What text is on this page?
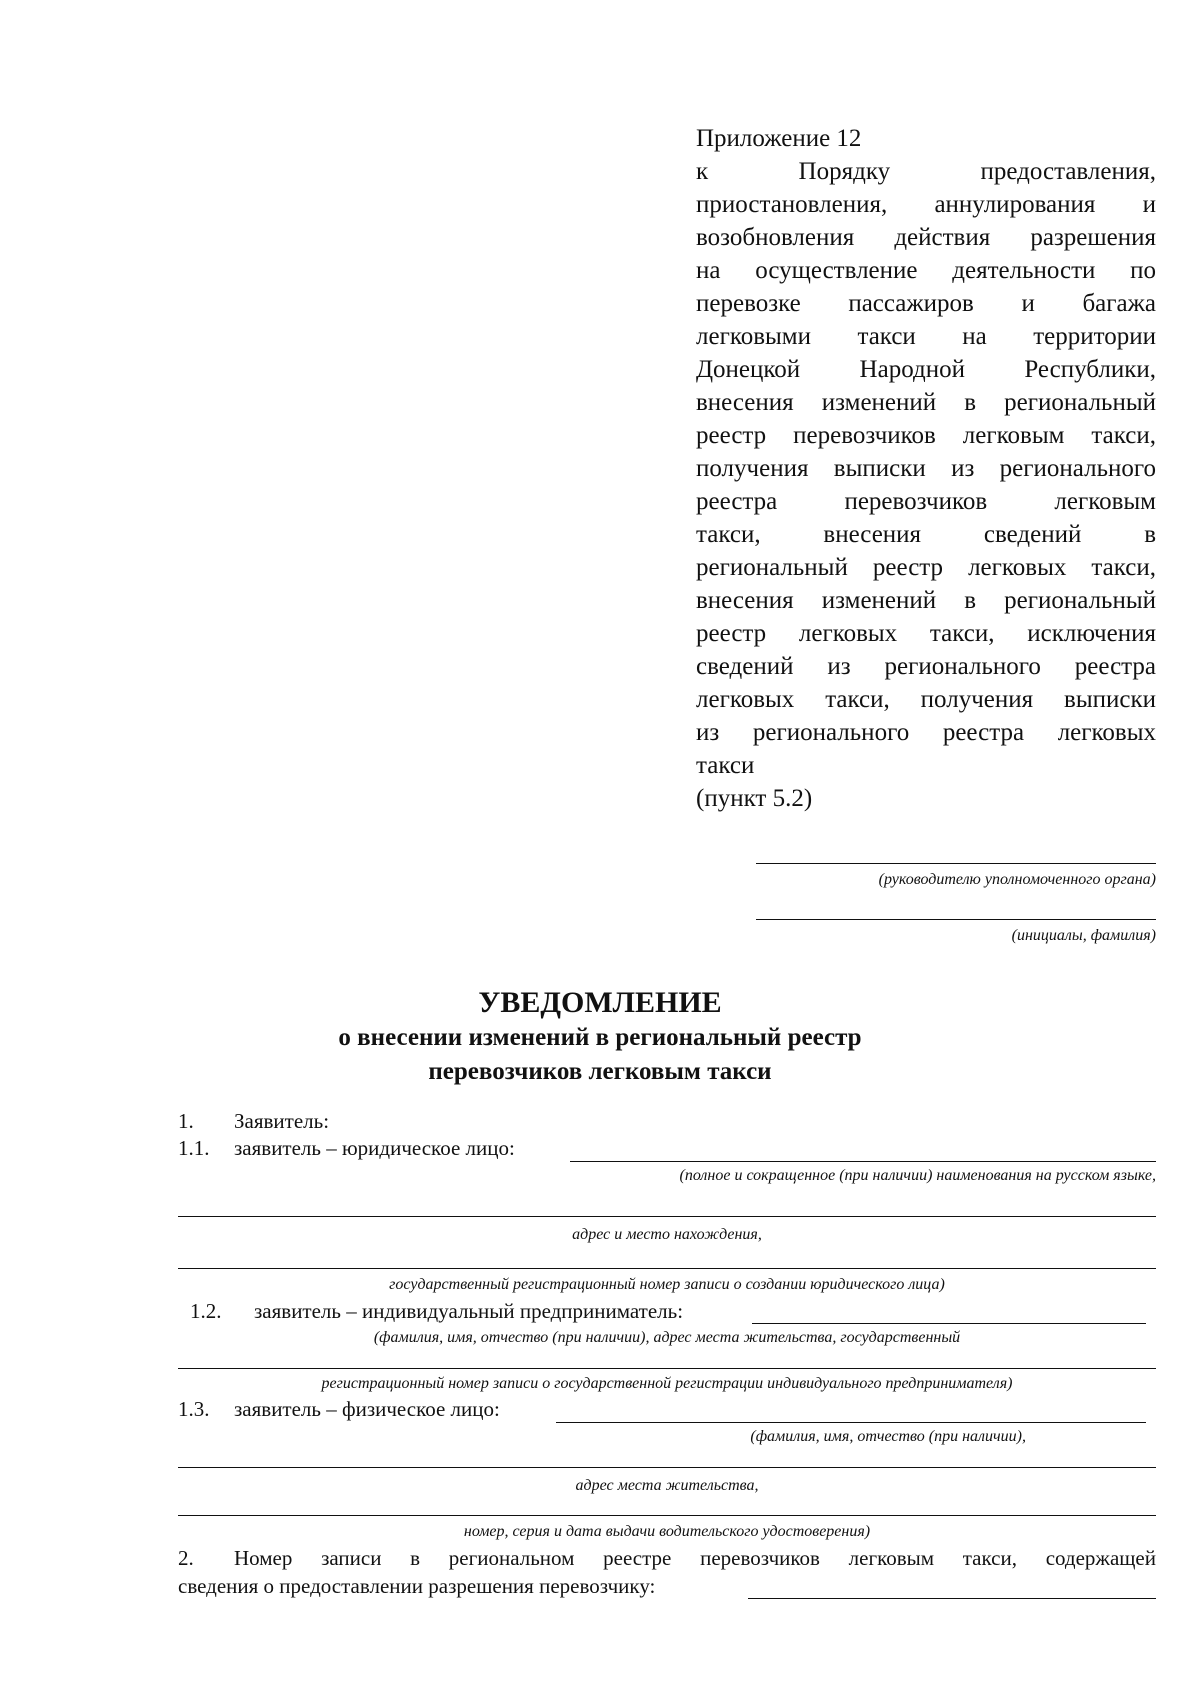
Приложение 12
к Порядку предоставления,
приостановления, аннулирования и
возобновления действия разрешения
на осуществление деятельности по
перевозке пассажиров и багажа
легковыми такси на территории
Донецкой Народной Республики,
внесения изменений в региональный
реестр перевозчиков легковым такси,
получения выписки из регионального
реестра перевозчиков легковым
такси, внесения сведений в
региональный реестр легковых такси,
внесения изменений в региональный
реестр легковых такси, исключения
сведений из регионального реестра
легковых такси, получения выписки
из регионального реестра легковых
такси
(пункт 5.2)
(руководителю уполномоченного органа)
(инициалы, фамилия)
УВЕДОМЛЕНИЕ
о внесении изменений в региональный реестр
перевозчиков легковым такси
1. Заявитель:
1.1. заявитель – юридическое лицо:
(полное и сокращенное (при наличии) наименования на русском языке,
адрес и место нахождения,
государственный регистрационный номер записи о создании юридического лица)
1.2. заявитель – индивидуальный предприниматель:
(фамилия, имя, отчество (при наличии), адрес места жительства, государственный
регистрационный номер записи о государственной регистрации индивидуального предпринимателя)
1.3. заявитель – физическое лицо:
(фамилия, имя, отчество (при наличии),
адрес места жительства,
номер, серия и дата выдачи водительского удостоверения)
2. Номер записи в региональном реестре перевозчиков легковым такси, содержащей
сведения о предоставлении разрешения перевозчику:
